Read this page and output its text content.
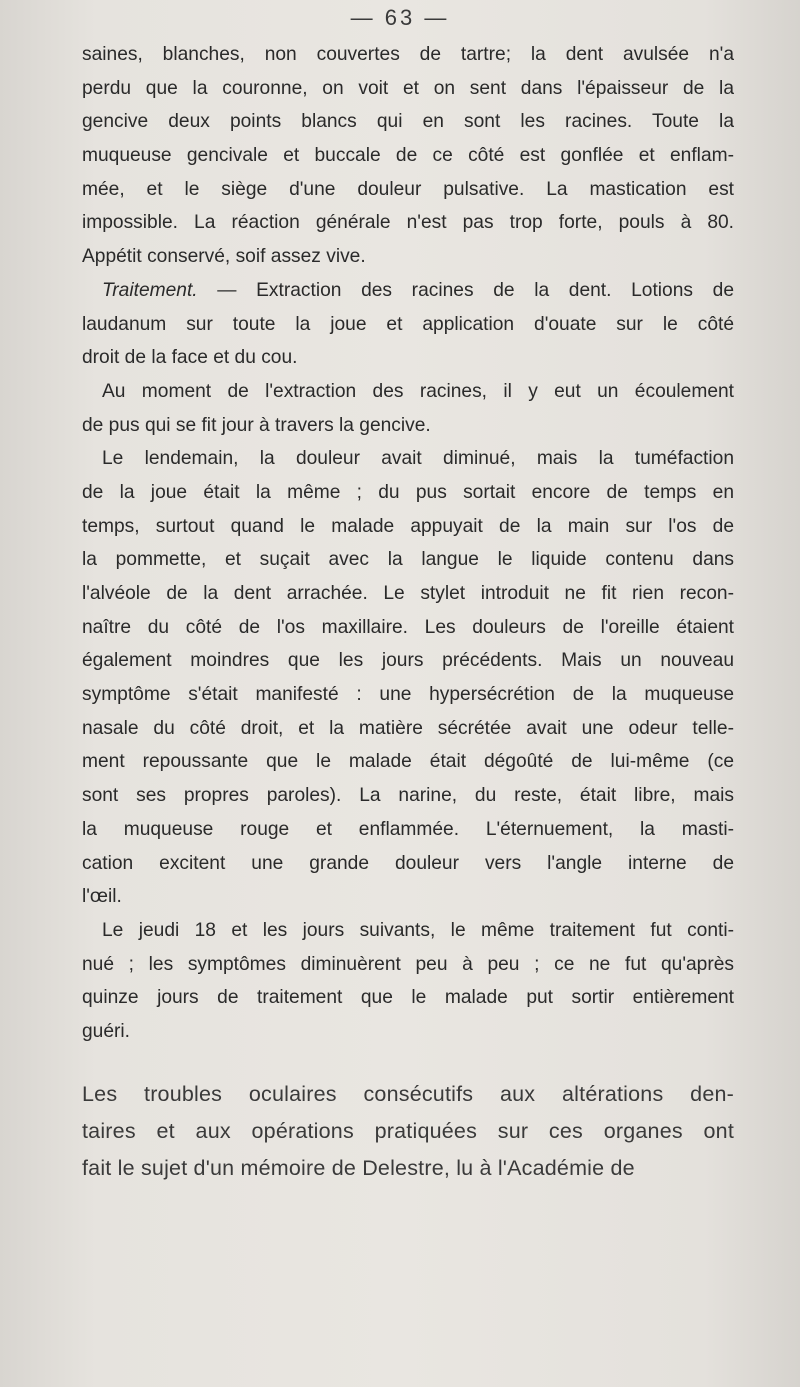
— 63 —
saines, blanches, non couvertes de tartre; la dent avulsée n'a
perdu que la couronne, on voit et on sent dans l'épaisseur de la
gencive deux points blancs qui en sont les racines. Toute la
muqueuse gencivale et buccale de ce côté est gonflée et enflam-
mée, et le siège d'une douleur pulsative. La mastication est
impossible. La réaction générale n'est pas trop forte, pouls à 80.
Appétit conservé, soif assez vive.
Traitement. — Extraction des racines de la dent. Lotions de
laudanum sur toute la joue et application d'ouate sur le côté
droit de la face et du cou.
Au moment de l'extraction des racines, il y eut un écoulement
de pus qui se fit jour à travers la gencive.
Le lendemain, la douleur avait diminué, mais la tuméfaction
de la joue était la même ; du pus sortait encore de temps en
temps, surtout quand le malade appuyait de la main sur l'os de
la pommette, et suçait avec la langue le liquide contenu dans
l'alvéole de la dent arrachée. Le stylet introduit ne fit rien recon-
naître du côté de l'os maxillaire. Les douleurs de l'oreille étaient
également moindres que les jours précédents. Mais un nouveau
symptôme s'était manifesté : une hypersécrétion de la muqueuse
nasale du côté droit, et la matière sécrétée avait une odeur telle-
ment repoussante que le malade était dégoûté de lui-même (ce
sont ses propres paroles). La narine, du reste, était libre, mais
la muqueuse rouge et enflammée. L'éternuement, la masti-
cation excitent une grande douleur vers l'angle interne de
l'œil.
Le jeudi 18 et les jours suivants, le même traitement fut conti-
nué ; les symptômes diminuèrent peu à peu ; ce ne fut qu'après
quinze jours de traitement que le malade put sortir entièrement
guéri.
Les troubles oculaires consécutifs aux altérations den-
taires et aux opérations pratiquées sur ces organes ont
fait le sujet d'un mémoire de Delestre, lu à l'Académie de
